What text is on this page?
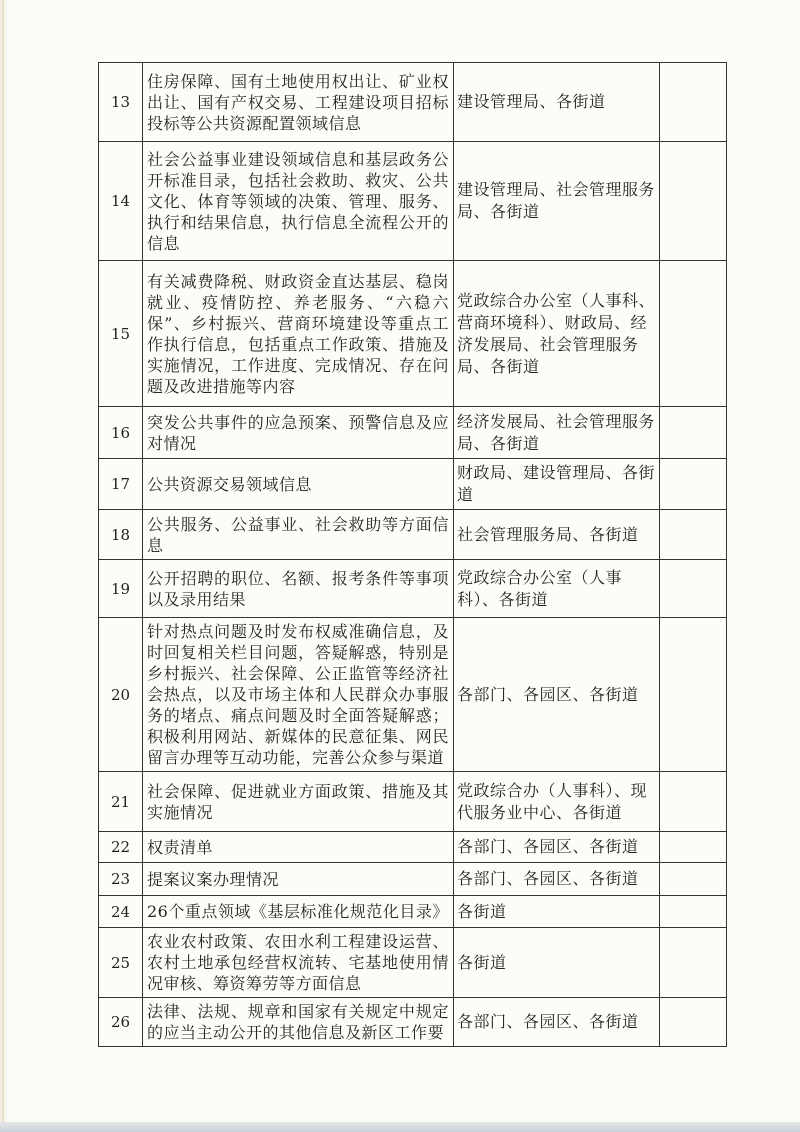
13	住房保障、国有土地使用权出让、矿业权出让、国有产权交易、工程建设项目招标投标等公共资源配置领域信息	建设管理局、各街道	
14	社会公益事业建设领域信息和基层政务公开标准目录，包括社会救助、救灾、公共文化、体育等领域的决策、管理、服务、执行和结果信息，执行信息全流程公开的信息	建设管理局、社会管理服务局、各街道	
15	有关减费降税、财政资金直达基层、稳岗就业、疫情防控、养老服务、“六稳六保”、乡村振兴、营商环境建设等重点工作执行信息，包括重点工作政策、措施及实施情况，工作进度、完成情况、存在问题及改进措施等内容	党政综合办公室（人事科、营商环境科）、财政局、经济发展局、社会管理服务局、各街道	
16	突发公共事件的应急预案、预警信息及应对情况	经济发展局、社会管理服务局、各街道	
17	公共资源交易领域信息	财政局、建设管理局、各街道	
18	公共服务、公益事业、社会救助等方面信息	社会管理服务局、各街道	
19	公开招聘的职位、名额、报考条件等事项以及录用结果	党政综合办公室（人事科）、各街道	
20	针对热点问题及时发布权威准确信息，及时回复相关栏目问题，答疑解惑，特别是乡村振兴、社会保障、公正监管等经济社会热点，以及市场主体和人民群众办事服务的堵点、痛点问题及时全面答疑解惑；积极利用网站、新媒体的民意征集、网民留言办理等互动功能，完善公众参与渠道	各部门、各园区、各街道	
21	社会保障、促进就业方面政策、措施及其实施情况	党政综合办（人事科）、现代服务业中心、各街道	
22	权责清单	各部门、各园区、各街道	
23	提案议案办理情况	各部门、各园区、各街道	
24	26个重点领域《基层标准化规范化目录》	各街道	
25	农业农村政策、农田水利工程建设运营、农村土地承包经营权流转、宅基地使用情况审核、筹资筹劳等方面信息	各街道	
26	法律、法规、规章和国家有关规定中规定的应当主动公开的其他信息及新区工作要	各部门、各园区、各街道	
